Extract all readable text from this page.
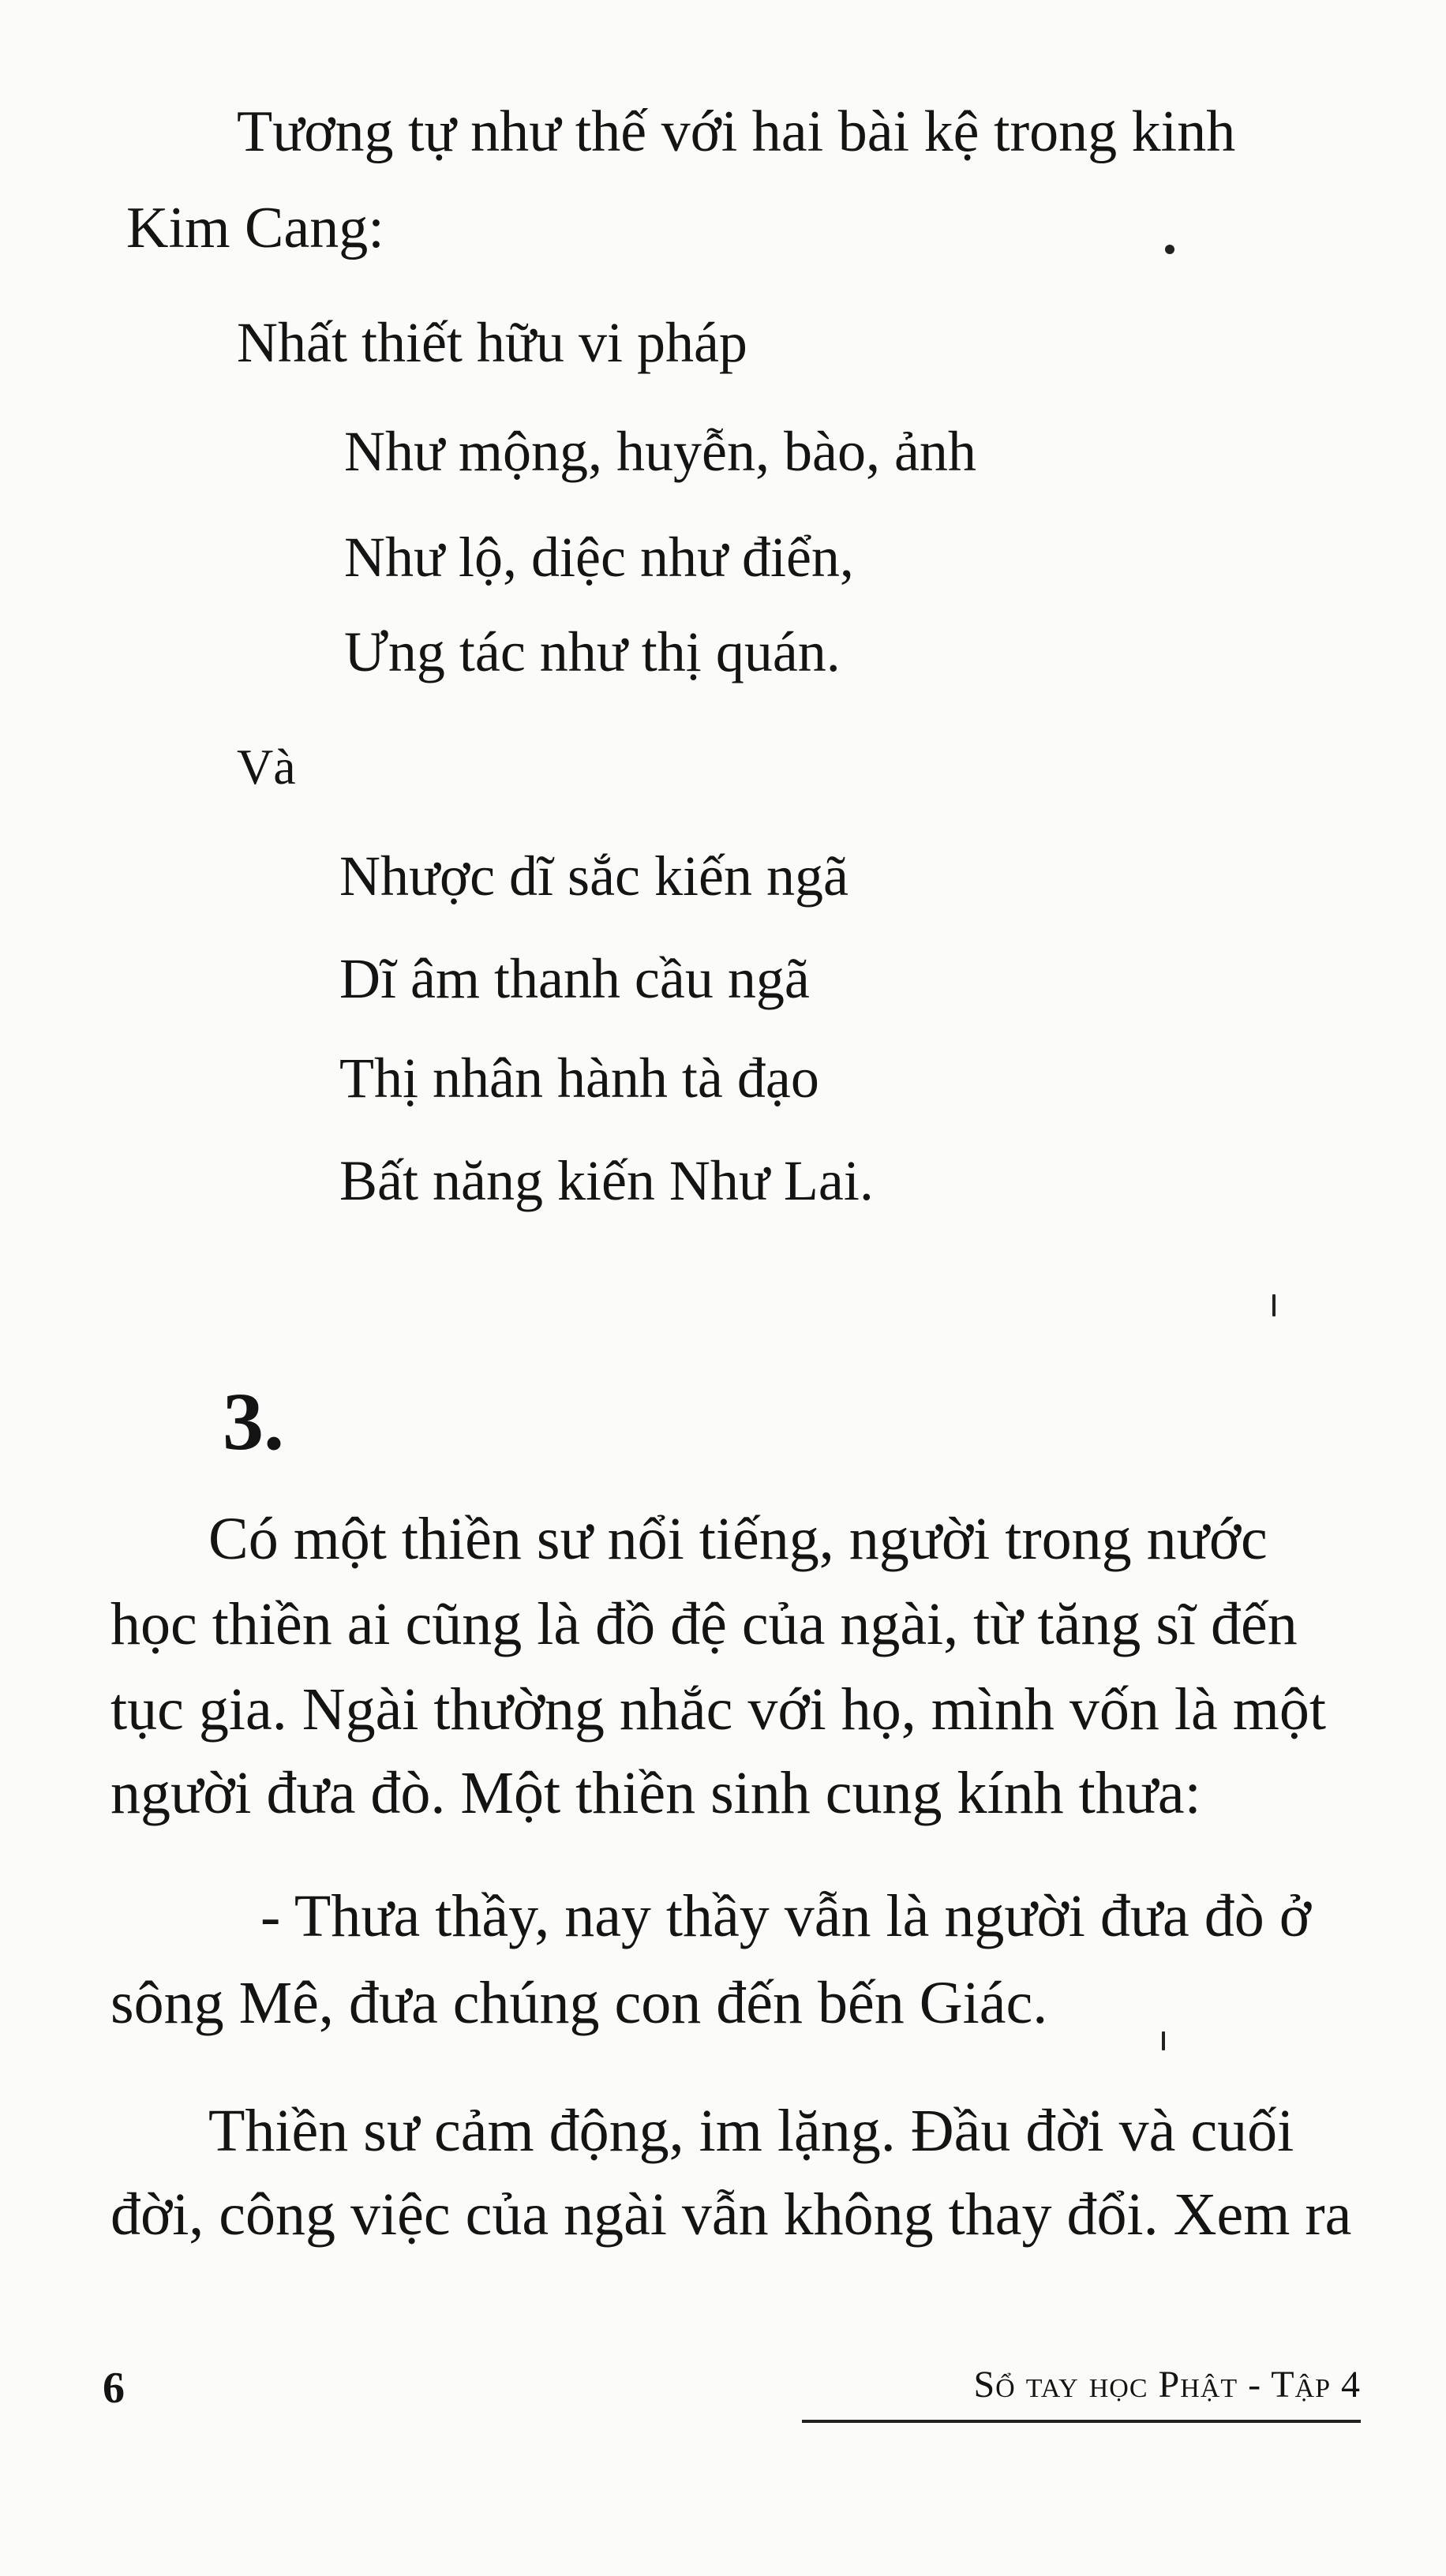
Tương tự như thế với hai bài kệ trong kinh
Kim Cang:
Nhất thiết hữu vi pháp
Như mộng, huyễn, bào, ảnh
Như lộ, diệc như điển,
Ưng tác như thị quán.
Và
Nhược dĩ sắc kiến ngã
Dĩ âm thanh cầu ngã
Thị nhân hành tà đạo
Bất năng kiến Như Lai.
3.
Có một thiền sư nổi tiếng, người trong nước
học thiền ai cũng là đồ đệ của ngài, từ tăng sĩ đến
tục gia. Ngài thường nhắc với họ, mình vốn là một
người đưa đò. Một thiền sinh cung kính thưa:
- Thưa thầy, nay thầy vẫn là người đưa đò ở
sông Mê, đưa chúng con đến bến Giác.
Thiền sư cảm động, im lặng. Đầu đời và cuối
đời, công việc của ngài vẫn không thay đổi. Xem ra
6	Sổ tay học Phật - Tập 4
